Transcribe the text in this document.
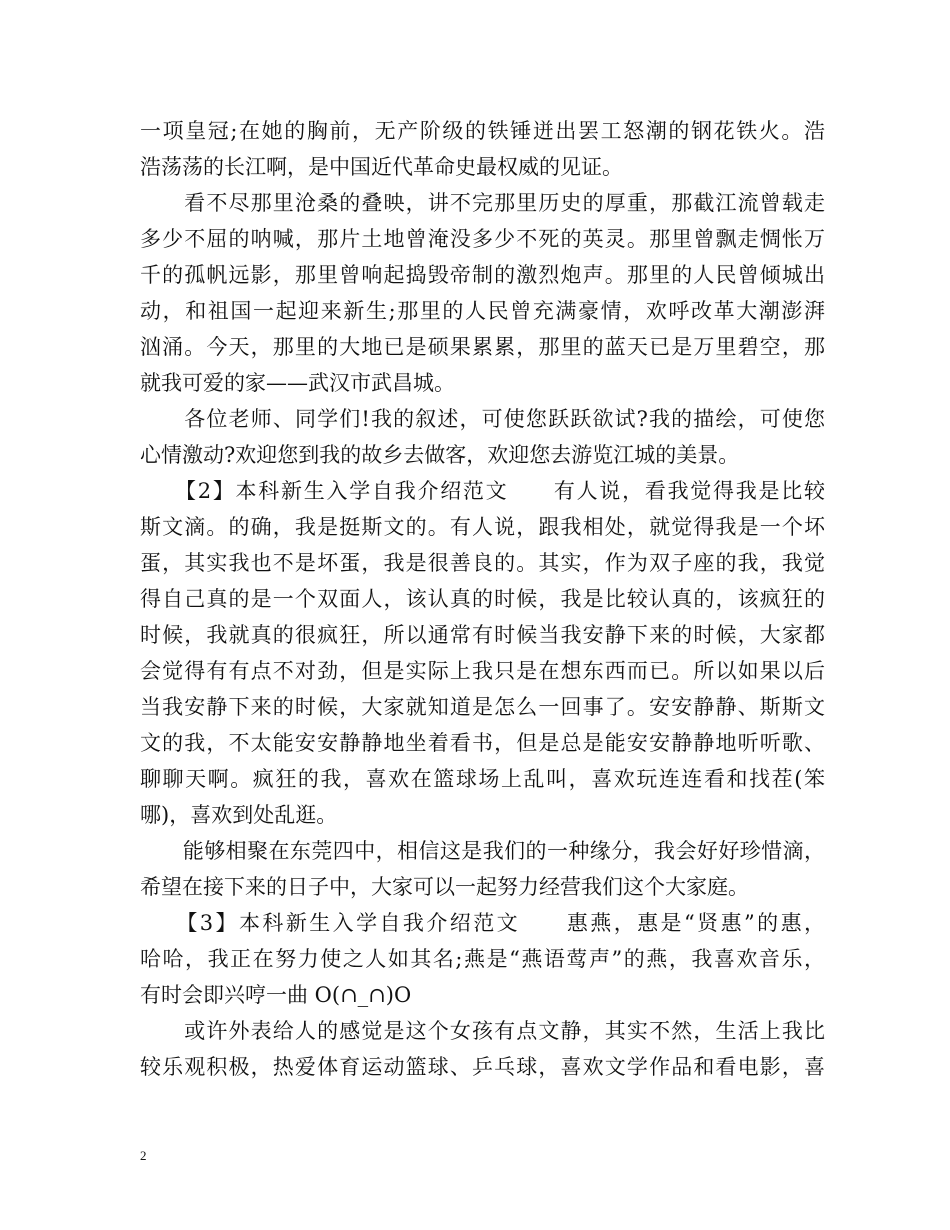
一项皇冠;在她的胸前，无产阶级的铁锤迸出罢工怒潮的钢花铁火。浩
浩荡荡的长江啊，是中国近代革命史最权威的见证。
　　看不尽那里沧桑的叠映，讲不完那里历史的厚重，那截江流曾载走
多少不屈的呐喊，那片土地曾淹没多少不死的英灵。那里曾飘走惆怅万
千的孤帆远影，那里曾响起捣毁帝制的激烈炮声。那里的人民曾倾城出
动，和祖国一起迎来新生;那里的人民曾充满豪情，欢呼改革大潮澎湃
汹涌。今天，那里的大地已是硕果累累，那里的蓝天已是万里碧空，那
就我可爱的家——武汉市武昌城。
　　各位老师、同学们!我的叙述，可使您跃跃欲试?我的描绘，可使您
心情激动?欢迎您到我的故乡去做客，欢迎您去游览江城的美景。
　　【2】本科新生入学自我介绍范文　　有人说，看我觉得我是比较
斯文滴。的确，我是挺斯文的。有人说，跟我相处，就觉得我是一个坏
蛋，其实我也不是坏蛋，我是很善良的。其实，作为双子座的我，我觉
得自己真的是一个双面人，该认真的时候，我是比较认真的，该疯狂的
时候，我就真的很疯狂，所以通常有时候当我安静下来的时候，大家都
会觉得有有点不对劲，但是实际上我只是在想东西而已。所以如果以后
当我安静下来的时候，大家就知道是怎么一回事了。安安静静、斯斯文
文的我，不太能安安静静地坐着看书，但是总是能安安静静地听听歌、
聊聊天啊。疯狂的我，喜欢在篮球场上乱叫，喜欢玩连连看和找茬(笨
哪)，喜欢到处乱逛。
　　能够相聚在东莞四中，相信这是我们的一种缘分，我会好好珍惜滴，
希望在接下来的日子中，大家可以一起努力经营我们这个大家庭。
　　【3】本科新生入学自我介绍范文　　惠燕，惠是“贤惠”的惠，
哈哈，我正在努力使之人如其名;燕是“燕语莺声”的燕，我喜欢音乐，
有时会即兴哼一曲 O(∩_∩)O
　　或许外表给人的感觉是这个女孩有点文静，其实不然，生活上我比
较乐观积极，热爱体育运动篮球、乒乓球，喜欢文学作品和看电影，喜
2
